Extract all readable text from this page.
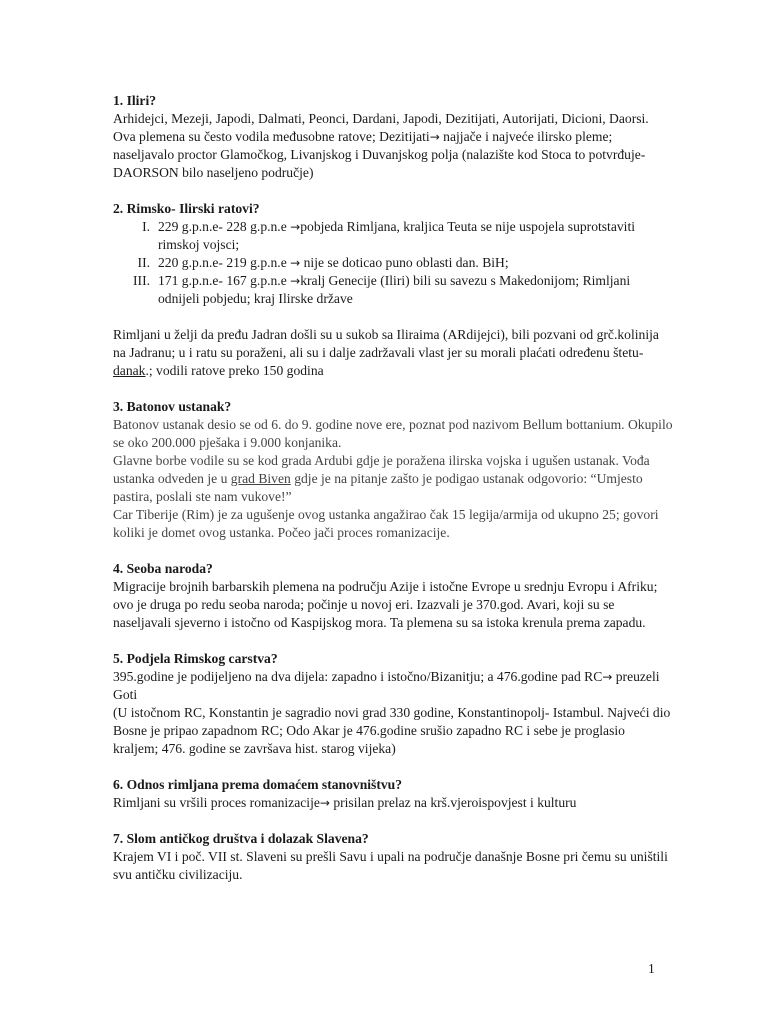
1. Iliri?
Arhidejci, Mezeji, Japodi, Dalmati, Peonci, Dardani, Japodi, Dezitijati, Autorijati, Dicioni, Daorsi.
Ova plemena su često vodila međusobne ratove; Dezitijati→ najjače i najveće ilirsko pleme; naseljavalo proctor Glamočkog, Livanjskog i Duvanjskog polja (nalazište kod Stoca to potvrđuje- DAORSON bilo naseljeno područje)
2. Rimsko- Ilirski ratovi?
I. 229 g.p.n.e- 228 g.p.n.e →pobjeda Rimljana, kraljica Teuta se nije uspojela suprotstaviti rimskoj vojsci;
II. 220 g.p.n.e- 219 g.p.n.e → nije se doticao puno oblasti dan. BiH;
III. 171 g.p.n.e- 167 g.p.n.e →kralj Genecije (Iliri) bili su savezu s Makedonijom; Rimljani odnijeli pobjedu; kraj Ilirske države
Rimljani u želji da pređu Jadran došli su u sukob sa Iliraima (ARdijejci), bili pozvani od grč.kolinija na Jadranu; u i ratu su poraženi, ali su i dalje zadržavali vlast jer su morali plaćati određenu štetu- danak.; vodili ratove preko 150 godina
3. Batonov ustanak?
Batonov ustanak desio se od 6. do 9. godine nove ere, poznat pod nazivom Bellum bottanium. Okupilo se oko 200.000 pješaka i 9.000 konjanika.
Glavne borbe vodile su se kod grada Ardubi gdje je poražena ilirska vojska i ugušen ustanak. Vođa ustanka odveden je u grad Biven gdje je na pitanje zašto je podigao ustanak odgovorio: “Umjesto pastira, poslali ste nam vukove!”
Car Tiberije (Rim) je za ugušenje ovog ustanka angažirao čak 15 legija/armija od ukupno 25; govori koliki je domet ovog ustanka. Počeo jači proces romanizacije.
4. Seoba naroda?
Migracije brojnih barbarskih plemena na području Azije i istočne Evrope u srednju Evropu i Afriku; ovo je druga po redu seoba naroda; počinje u novoj eri. Izazvali je 370.god. Avari, koji su se naseljavali sjeverno i istočno od Kaspijskog mora. Ta plemena su sa istoka krenula prema zapadu.
5. Podjela Rimskog carstva?
395.godine je podijeljeno na dva dijela: zapadno i istočno/Bizanitju; a 476.godine pad RC→ preuzeli Goti
(U istočnom RC, Konstantin je sagradio novi grad 330 godine, Konstantinopolj- Istambul. Najveći dio Bosne je pripao zapadnom RC; Odo Akar je 476.godine srušio zapadno RC i sebe je proglasio kraljem; 476. godine se završava hist. starog vijeka)
6. Odnos rimljana prema domaćem stanovništvu?
Rimljani su vršili proces romanizacije→ prisilan prelaz na krš.vjeroispovjest i kulturu
7. Slom antičkog društva i dolazak Slavena?
Krajem VI i poč. VII st. Slaveni su prešli Savu i upali na područje današnje Bosne pri čemu su uništili svu antičku civilizaciju.
1
